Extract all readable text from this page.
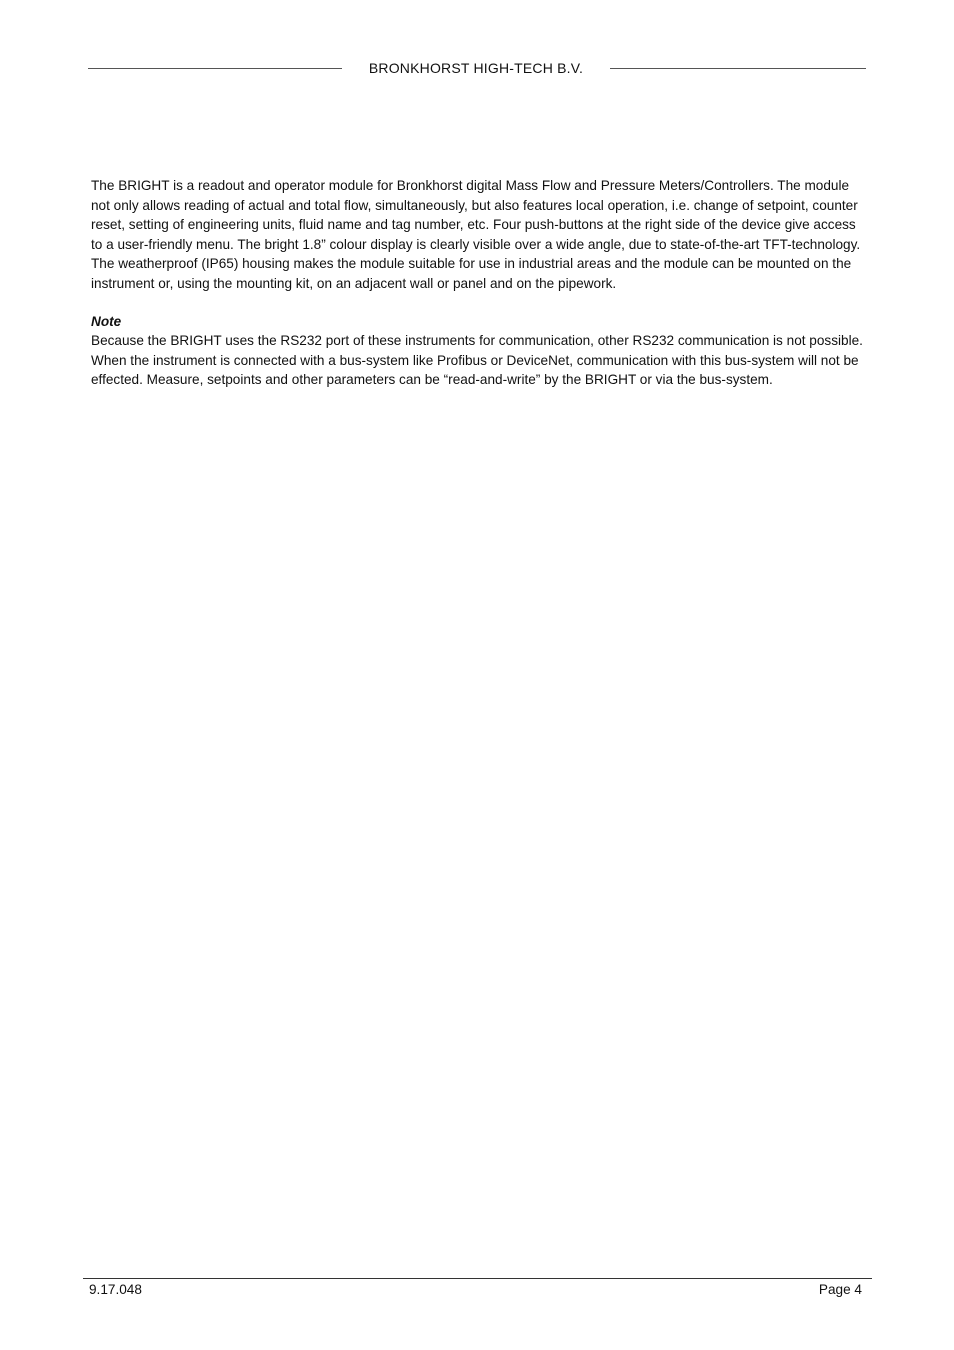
BRONKHORST HIGH-TECH B.V.

The BRIGHT is a readout and operator module for Bronkhorst digital Mass Flow and Pressure Meters/Controllers. The module not only allows reading of actual and total flow, simultaneously, but also features local operation, i.e. change of setpoint, counter reset, setting of engineering units, fluid name and tag number, etc. Four push-buttons at the right side of the device give access to a user-friendly menu. The bright 1.8” colour display is clearly visible over a wide angle, due to state-of-the-art TFT-technology. The weatherproof (IP65) housing makes the module suitable for use in industrial areas and the module can be mounted on the instrument or, using the mounting kit, on an adjacent wall or panel and on the pipework.

Note

Because the BRIGHT uses the RS232 port of these instruments for communication, other RS232 communication is not possible. When the instrument is connected with a bus-system like Profibus or DeviceNet, communication with this bus-system will not be effected. Measure, setpoints and other parameters can be “read-and-write” by the BRIGHT or via the bus-system.

9.17.048	Page 4
